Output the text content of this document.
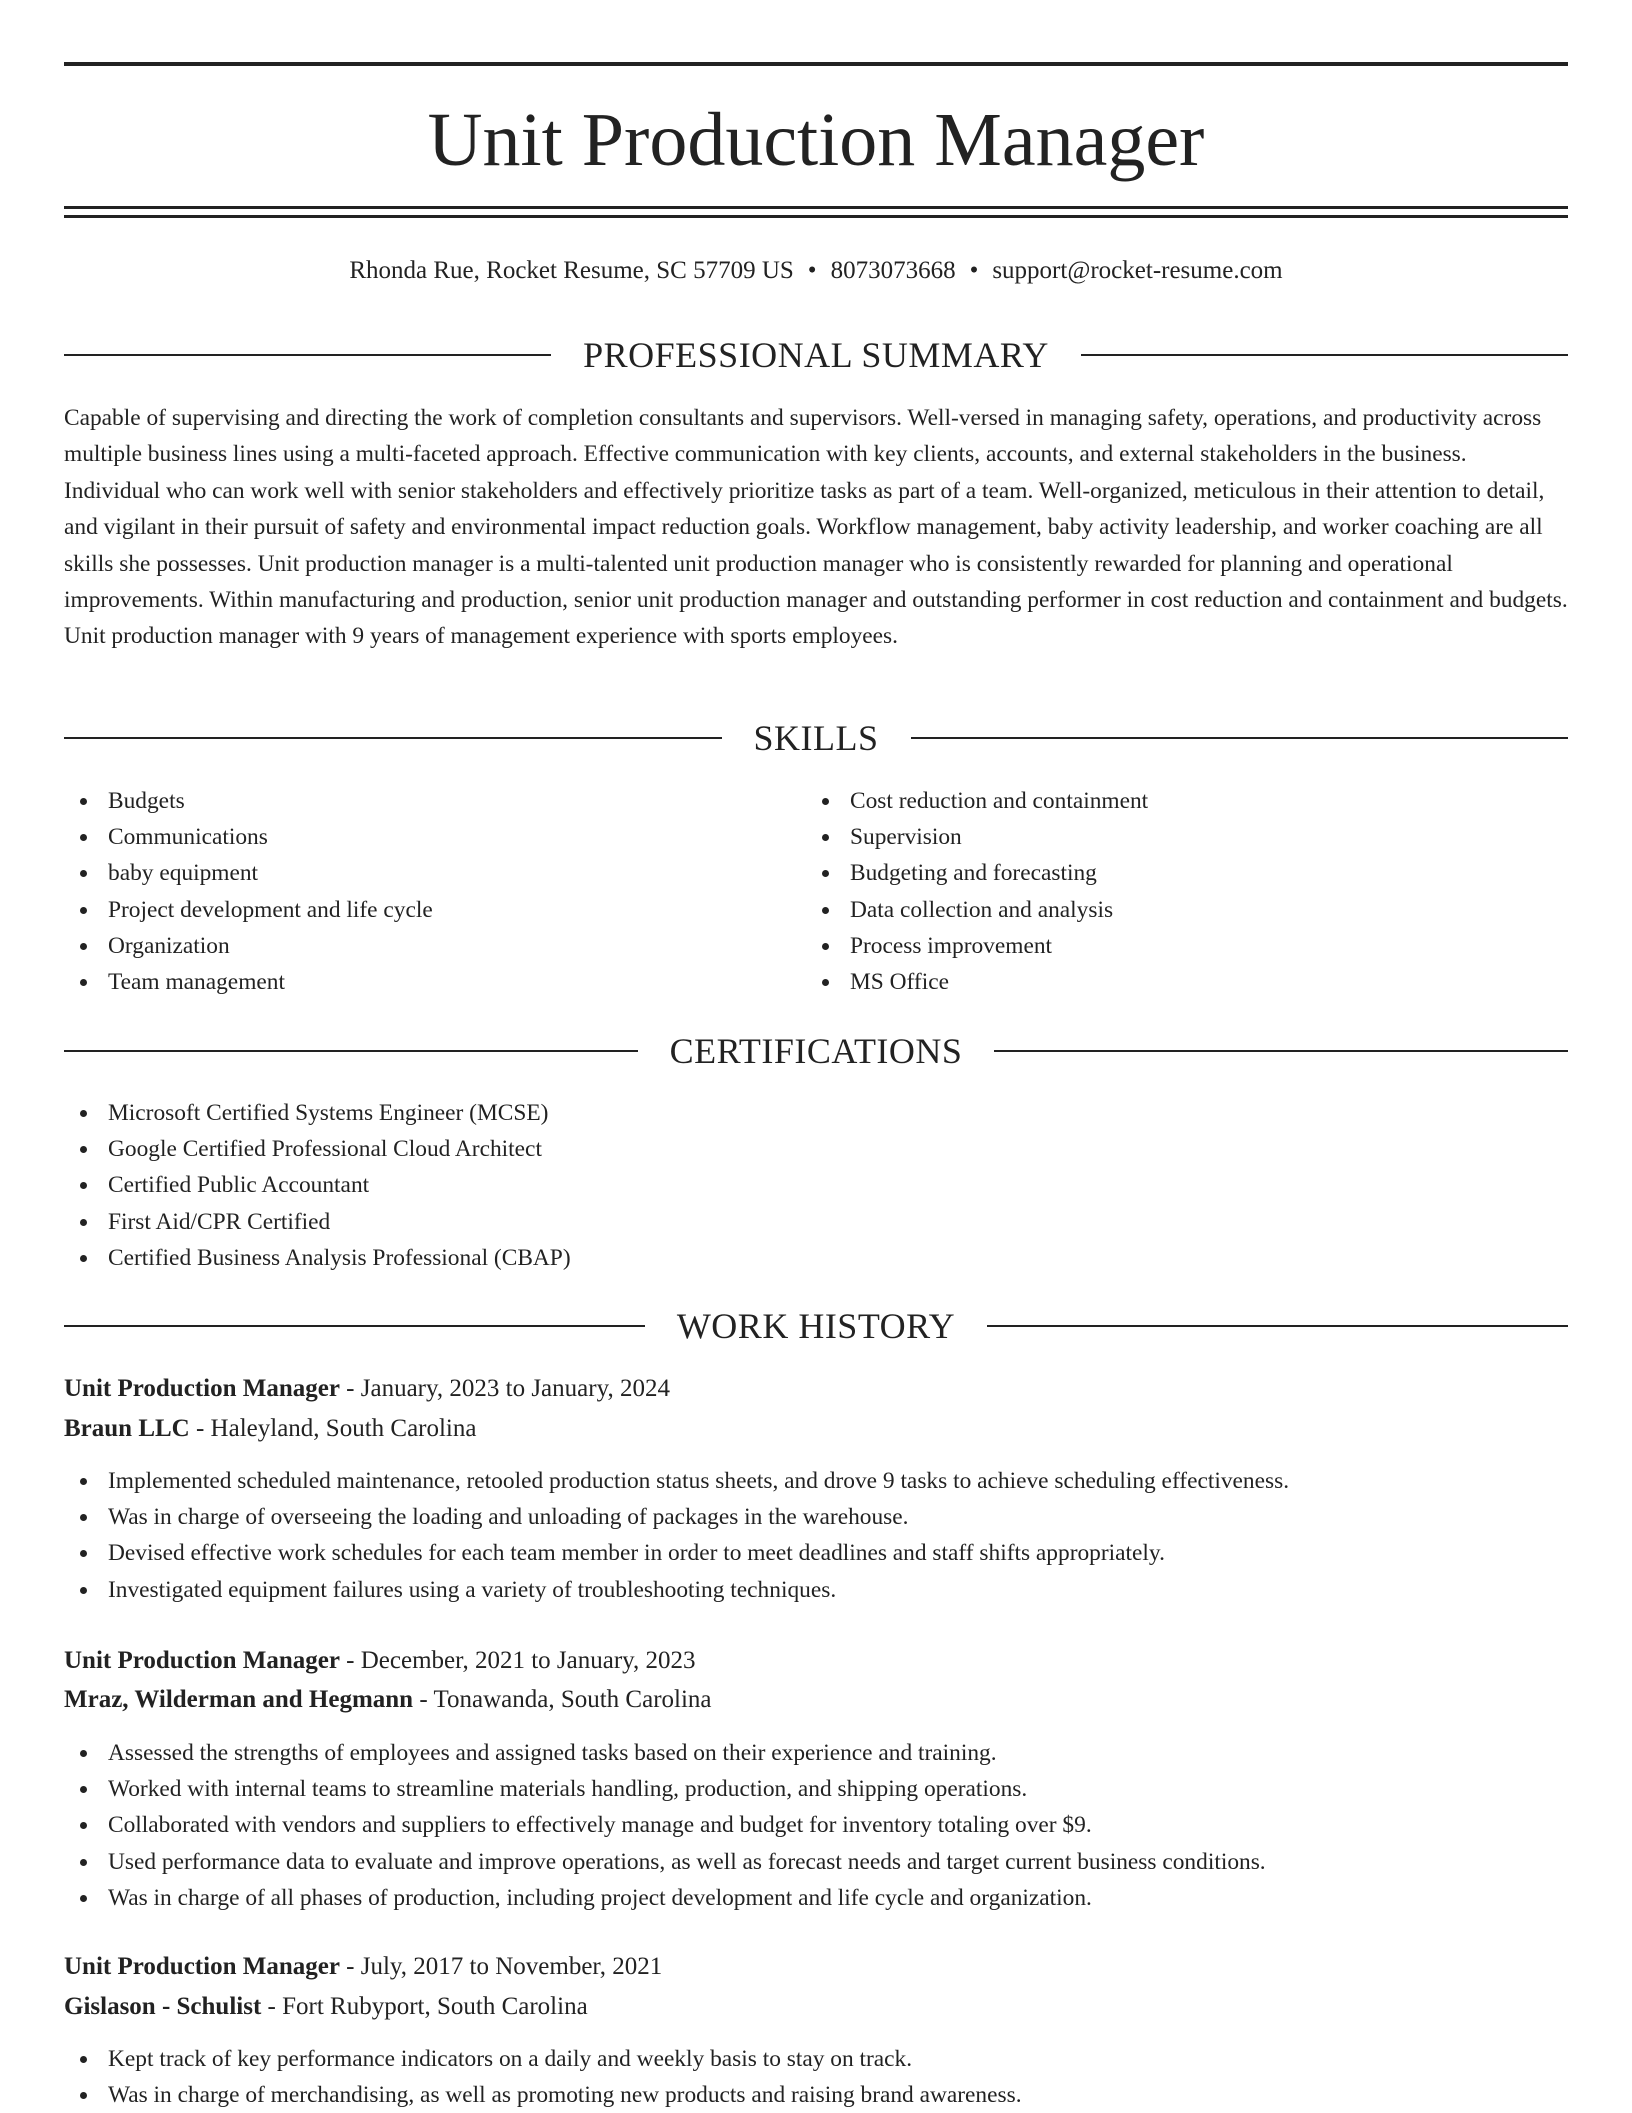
Unit Production Manager
Rhonda Rue, Rocket Resume, SC 57709 US • 8073073668 • support@rocket-resume.com
PROFESSIONAL SUMMARY

Capable of supervising and directing the work of completion consultants and supervisors. Well-versed in managing safety, operations, and productivity across multiple business lines using a multi-faceted approach. Effective communication with key clients, accounts, and external stakeholders in the business. Individual who can work well with senior stakeholders and effectively prioritize tasks as part of a team. Well-organized, meticulous in their attention to detail, and vigilant in their pursuit of safety and environmental impact reduction goals. Workflow management, baby activity leadership, and worker coaching are all skills she possesses. Unit production manager is a multi-talented unit production manager who is consistently rewarded for planning and operational improvements. Within manufacturing and production, senior unit production manager and outstanding performer in cost reduction and containment and budgets. Unit production manager with 9 years of management experience with sports employees.

SKILLS
Budgets
Communications
baby equipment
Project development and life cycle
Organization
Team management
Cost reduction and containment
Supervision
Budgeting and forecasting
Data collection and analysis
Process improvement
MS Office
CERTIFICATIONS
Microsoft Certified Systems Engineer (MCSE)
Google Certified Professional Cloud Architect
Certified Public Accountant
First Aid/CPR Certified
Certified Business Analysis Professional (CBAP)
WORK HISTORY
Unit Production Manager - January, 2023 to January, 2024
Braun LLC - Haleyland, South Carolina
Implemented scheduled maintenance, retooled production status sheets, and drove 9 tasks to achieve scheduling effectiveness.
Was in charge of overseeing the loading and unloading of packages in the warehouse.
Devised effective work schedules for each team member in order to meet deadlines and staff shifts appropriately.
Investigated equipment failures using a variety of troubleshooting techniques.
Unit Production Manager - December, 2021 to January, 2023
Mraz, Wilderman and Hegmann - Tonawanda, South Carolina
Assessed the strengths of employees and assigned tasks based on their experience and training.
Worked with internal teams to streamline materials handling, production, and shipping operations.
Collaborated with vendors and suppliers to effectively manage and budget for inventory totaling over $9.
Used performance data to evaluate and improve operations, as well as forecast needs and target current business conditions.
Was in charge of all phases of production, including project development and life cycle and organization.
Unit Production Manager - July, 2017 to November, 2021
Gislason - Schulist - Fort Rubyport, South Carolina
Kept track of key performance indicators on a daily and weekly basis to stay on track.
Was in charge of merchandising, as well as promoting new products and raising brand awareness.
